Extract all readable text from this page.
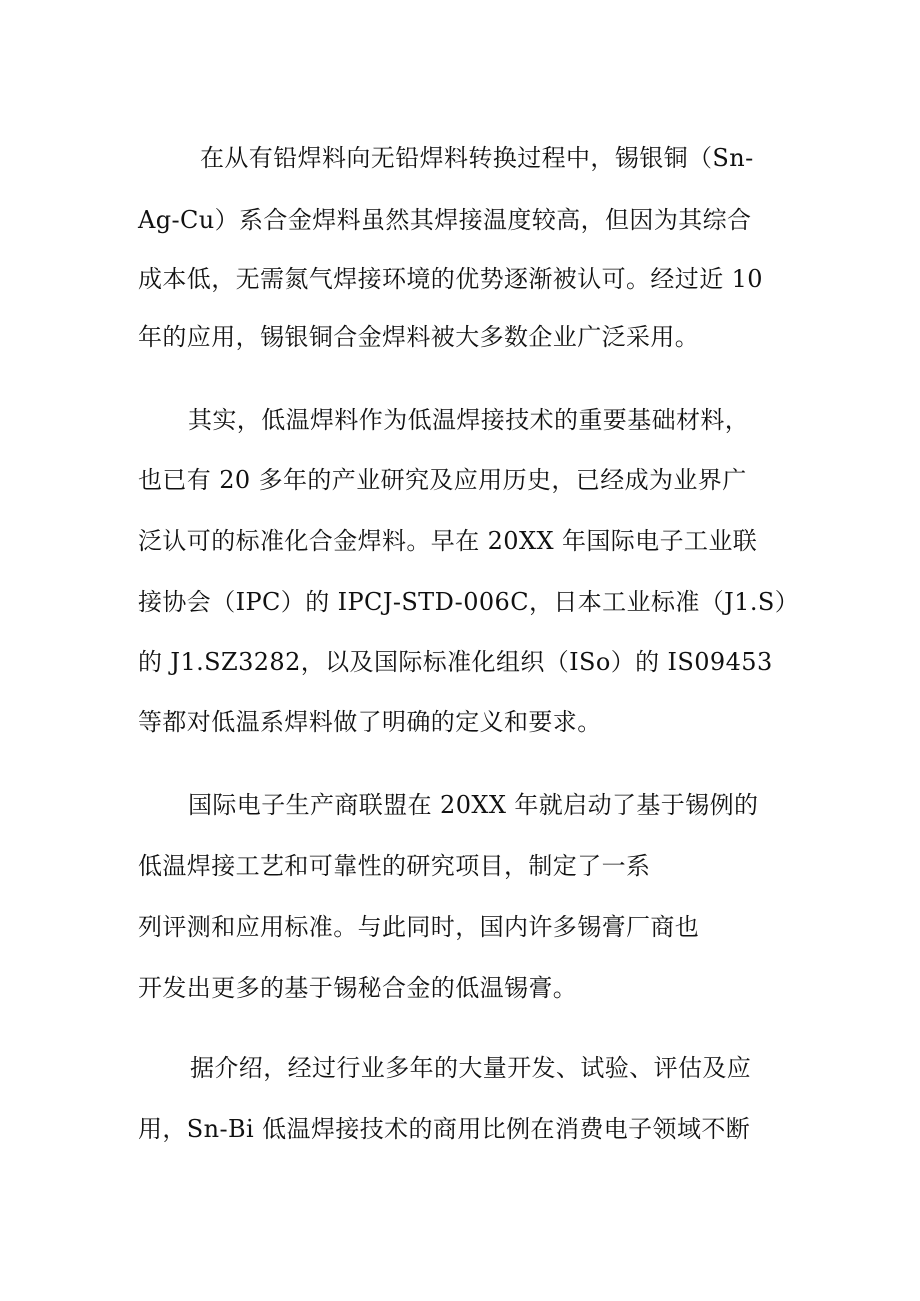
在从有铅焊料向无铅焊料转换过程中，锡银铜（Sn-
Ag-Cu）系合金焊料虽然其焊接温度较高，但因为其综合
成本低，无需氮气焊接环境的优势逐渐被认可。经过近 10
年的应用，锡银铜合金焊料被大多数企业广泛采用。
其实，低温焊料作为低温焊接技术的重要基础材料，
也已有 20 多年的产业研究及应用历史，已经成为业界广
泛认可的标准化合金焊料。早在 20XX 年国际电子工业联
接协会（IPC）的 IPCJ-STD-006C，日本工业标准（J1.S）
的 J1.SZ3282，以及国际标准化组织（ISo）的 IS09453
等都对低温系焊料做了明确的定义和要求。
国际电子生产商联盟在 20XX 年就启动了基于锡例的
低温焊接工艺和可靠性的研究项目，制定了一系
列评测和应用标准。与此同时，国内许多锡膏厂商也
开发出更多的基于锡秘合金的低温锡膏。
据介绍，经过行业多年的大量开发、试验、评估及应
用，Sn-Bi 低温焊接技术的商用比例在消费电子领域不断
